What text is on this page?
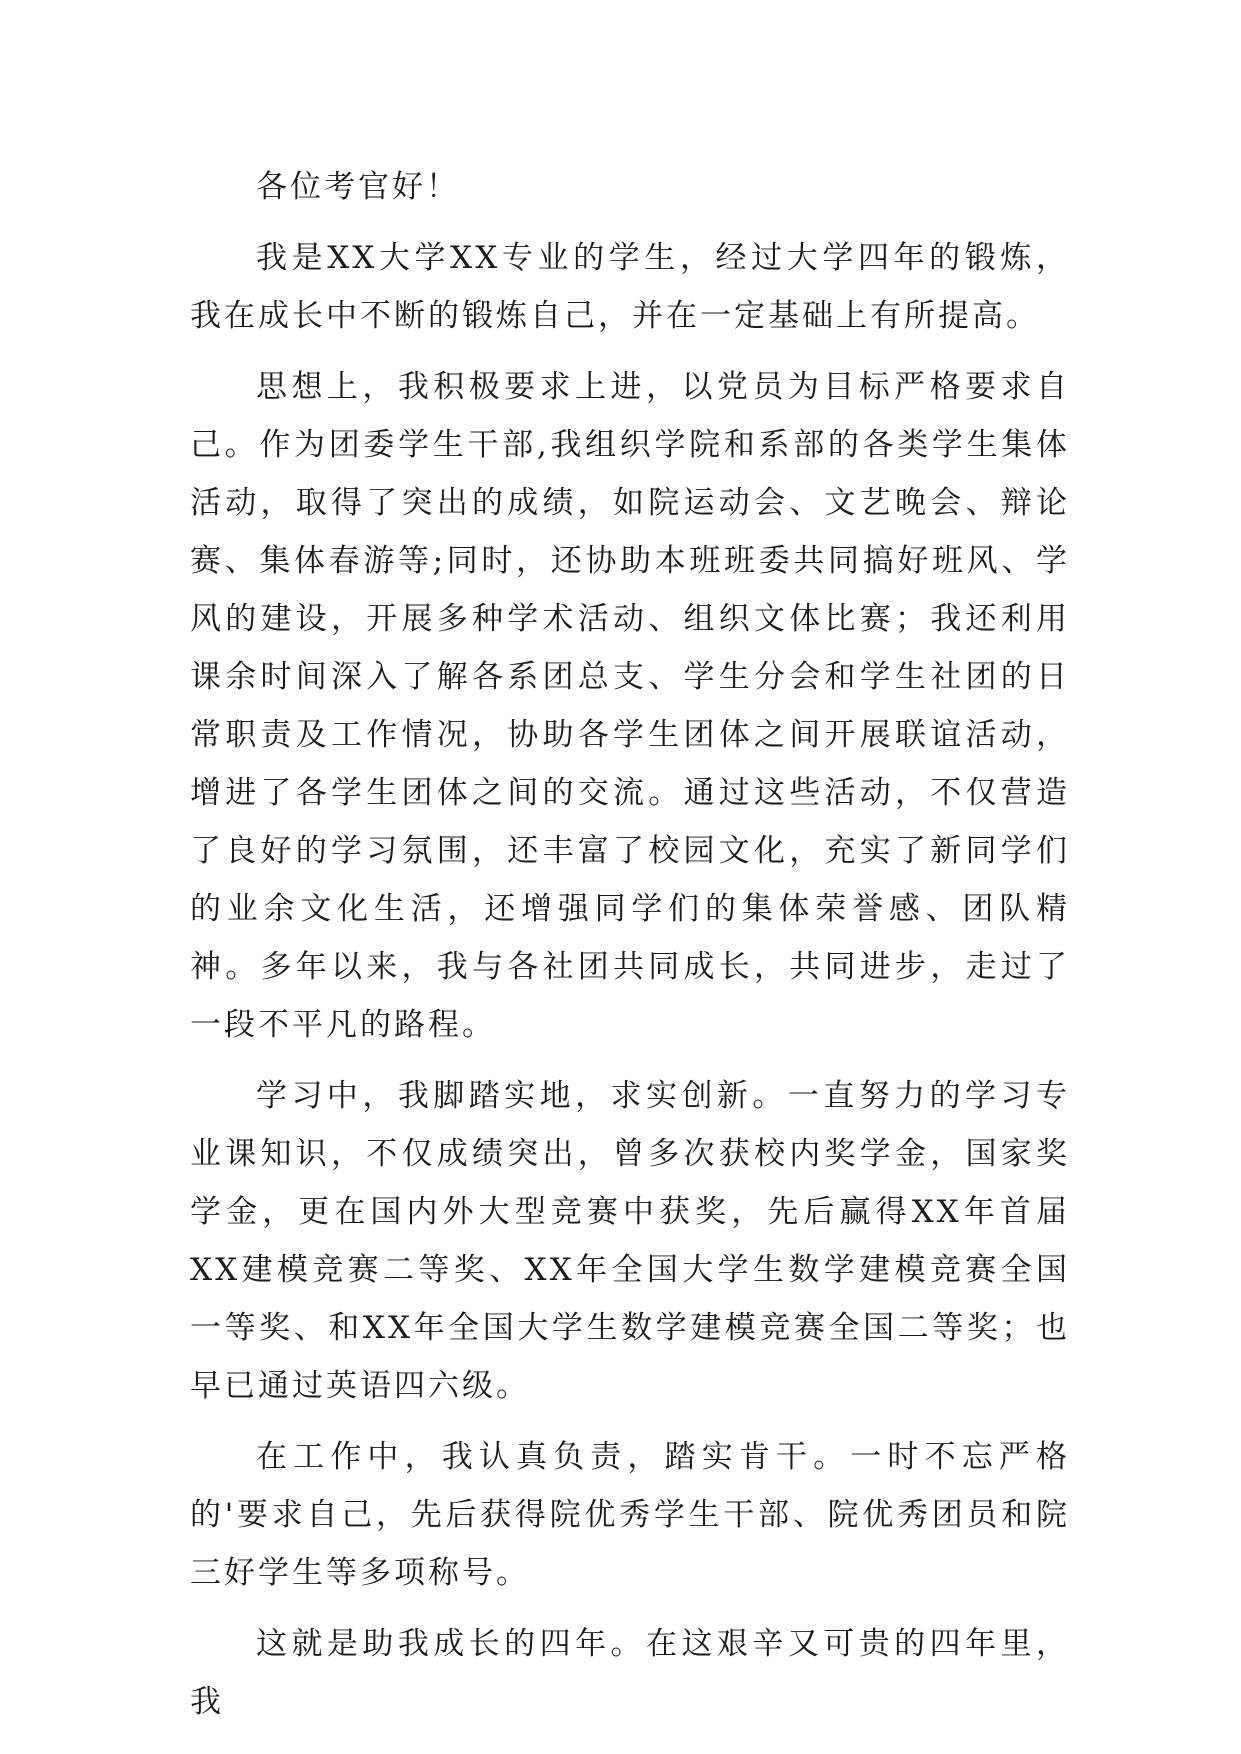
各位考官好！

我是XX大学XX专业的学生，经过大学四年的锻炼，我在成长中不断的锻炼自己，并在一定基础上有所提高。

思想上，我积极要求上进，以党员为目标严格要求自己。作为团委学生干部,我组织学院和系部的各类学生集体活动，取得了突出的成绩，如院运动会、文艺晚会、辩论赛、集体春游等;同时，还协助本班班委共同搞好班风、学风的建设，开展多种学术活动、组织文体比赛；我还利用课余时间深入了解各系团总支、学生分会和学生社团的日常职责及工作情况，协助各学生团体之间开展联谊活动，增进了各学生团体之间的交流。通过这些活动，不仅营造了良好的学习氛围，还丰富了校园文化，充实了新同学们的业余文化生活，还增强同学们的集体荣誉感、团队精神。多年以来，我与各社团共同成长，共同进步，走过了一段不平凡的路程。

学习中，我脚踏实地，求实创新。一直努力的学习专业课知识，不仅成绩突出，曾多次获校内奖学金，国家奖学金，更在国内外大型竞赛中获奖，先后赢得XX年首届XX建模竞赛二等奖、XX年全国大学生数学建模竞赛全国一等奖、和XX年全国大学生数学建模竞赛全国二等奖；也早已通过英语四六级。

在工作中，我认真负责，踏实肯干。一时不忘严格的'要求自己，先后获得院优秀学生干部、院优秀团员和院三好学生等多项称号。

这就是助我成长的四年。在这艰辛又可贵的四年里，我
